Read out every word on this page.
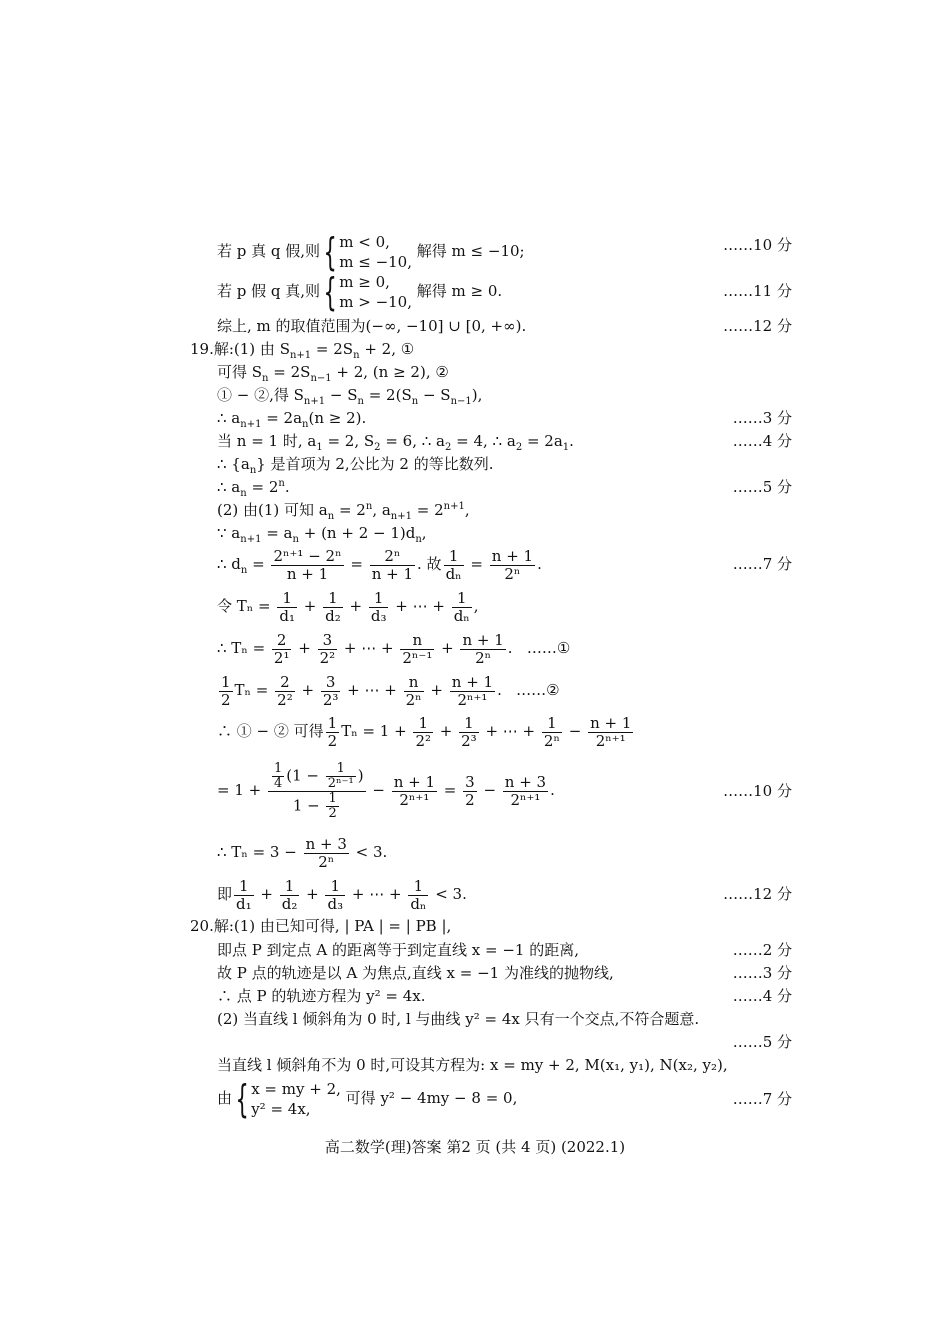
若 p 真 q 假,则{ m < 0,
m ≤ −10,
解得 m ≤ −10;	……10 分
若 p 假 q 真,则{ m ≥ 0,
m > −10,
解得 m ≥ 0.	……11 分
综上, m 的取值范围为(−∞, −10] ∪ [0, +∞).	……12 分
19.解:(1) 由 $S_{n+1} = 2S_n + 2$, ①
可得 $S_n = 2S_{n-1} + 2$, (n ≥ 2), ②
① − ②,得 $S_{n+1} - S_n = 2(S_n - S_{n-1})$,
∴ $a_{n+1} = 2a_n(n \ge 2)$.	……3 分
当 n = 1 时, $a_1 = 2$, $S_2 = 6$, ∴ $a_2 = 4$, ∴ $a_2 = 2a_1$.	……4 分
∴ $\{a_n\}$ 是首项为 2,公比为 2 的等比数列.
∴ $a_n = 2^n$.	……5 分
(2) 由(1) 可知 $a_n = 2^n$, $a_{n+1} = 2^{n+1}$,
∵ $a_{n+1} = a_n + (n + 2 - 1)d_n$,
∴ $d_n = \frac{\text{2ⁿ⁺¹ − 2ⁿ}}{n + 1} = \frac{\text{2ⁿ}}{n + 1}$ . 故 $\frac{1}{\text{dₙ}} = \frac{n + 1}{\text{2ⁿ}}$ .	……7 分
令 $T_n = \frac{1}{\text{d₁}} + \frac{1}{\text{d₂}} + \frac{1}{\text{d₃}}$ + ⋯ + $\frac{1}{\text{dₙ}}$ ,
∴ $T_n = \frac{2}{\text{2¹}} + \frac{3}{\text{2²}}$ + ⋯ + $\frac{n}{\text{2ⁿ⁻¹}} + \frac{n + 1}{\text{2ⁿ}}$ .   ……①
$\frac{1}{2}$ $T_n = \frac{2}{\text{2²}} + \frac{3}{\text{2³}}$ + ⋯ + $\frac{n}{\text{2ⁿ}} + \frac{n + 1}{\text{2ⁿ⁺¹}}$ .   ……②
∴ ① − ② 可得 $\frac{1}{2}$ $T_n = 1 + \frac{1}{\text{2²}} + \frac{1}{\text{2³}}$ + ⋯ + $\frac{1}{\text{2ⁿ}} - \frac{n + 1}{\text{2ⁿ⁺¹}}$
= $1 + \frac{\frac{1}{4} (1 - \frac{1}{\text{2ⁿ⁻¹}} )}{1 - \frac{1}{2}} - \frac{n + 1}{\text{2ⁿ⁺¹}} = \frac{3}{2} - \frac{n + 3}{\text{2ⁿ⁺¹}}$ .	……10 分
∴ $T_n = 3 - \frac{n + 3}{\text{2ⁿ}} < 3$.
即 $\frac{1}{\text{d₁}} + \frac{1}{\text{d₂}} + \frac{1}{\text{d₃}}$ + ⋯ + $\frac{1}{\text{dₙ}} < 3$.	……12 分
20.解:(1) 由已知可得, | PA | = | PB |,
即点 P 到定点 A 的距离等于到定直线 x = −1 的距离,	……2 分
故 P 点的轨迹是以 A 为焦点,直线 x = −1 为准线的抛物线,	……3 分
∴ 点 P 的轨迹方程为 y² = 4x.	……4 分
(2) 当直线 l 倾斜角为 0 时, l 与曲线 y² = 4x 只有一个交点,不符合题意.
……5 分
当直线 l 倾斜角不为 0 时,可设其方程为: x = my + 2, M(x₁, y₁), N(x₂, y₂),
由{ x = my + 2,
y² = 4x,
可得 y² − 4my − 8 = 0,	……7 分
高二数学(理)答案 第2 页 (共 4 页) (2022.1)
